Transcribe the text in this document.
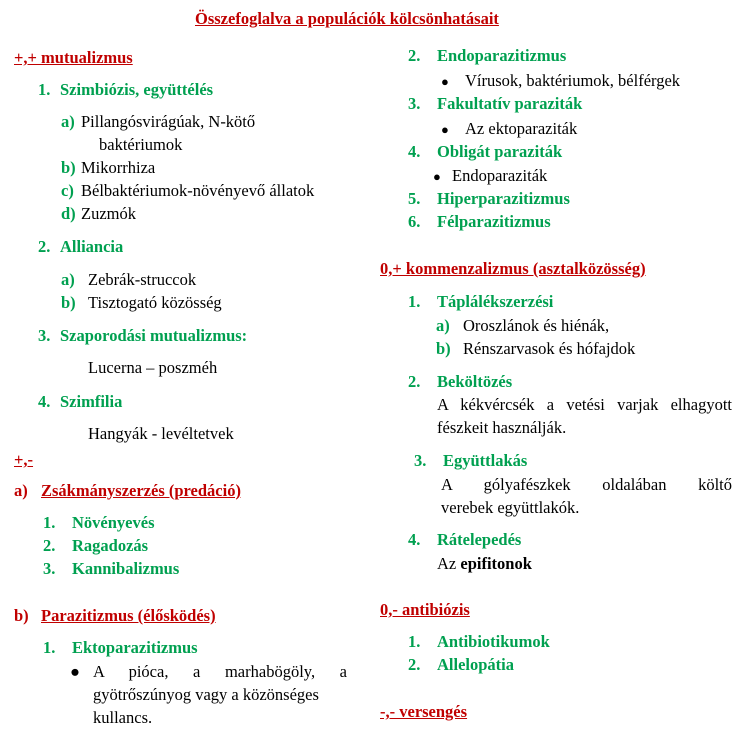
Összefoglalva a populációk kölcsönhatásait
+,+ mutualizmus
1. Szimbiózis, együttélés
a) Pillangósvirágúak, N-kötő
baktériumok
b) Mikorrhiza
c) Bélbaktériumok-növényevő állatok
d) Zuzmók
2. Alliancia
a) Zebrák-struccok
b) Tisztogató közösség
3. Szaporodási mutualizmus:
Lucerna – poszméh
4. Szimfilia
Hangyák - levéltetvek
+,-
a) Zsákmányszerzés (predáció)
1. Növényevés
2. Ragadozás
3. Kannibalizmus
b) Parazitizmus (élősködés)
1. Ektoparazitizmus
● A pióca, a marhabögöly, a
gyötrőszúnyog vagy a közönséges
kullancs.
2. Endoparazitizmus
● Vírusok, baktériumok, bélférgek
3. Fakultatív paraziták
● Az ektoparaziták
4. Obligát paraziták
● Endoparaziták
5. Hiperparazitizmus
6. Félparazitizmus
0,+ kommenzalizmus (asztalközösség)
1. Táplálékszerzési
a) Oroszlánok és hiénák,
b) Rénszarvasok és hófajdok
2. Beköltözés
A kékvércsék a vetési varjak elhagyott
fészkeit használják.
3. Együttlakás
A gólyafészkek oldalában költő
verebek együttlakók.
4. Rátelepedés
Az epifitonok
0,- antibiózis
1. Antibiotikumok
2. Allelopátia
-,- versengés
